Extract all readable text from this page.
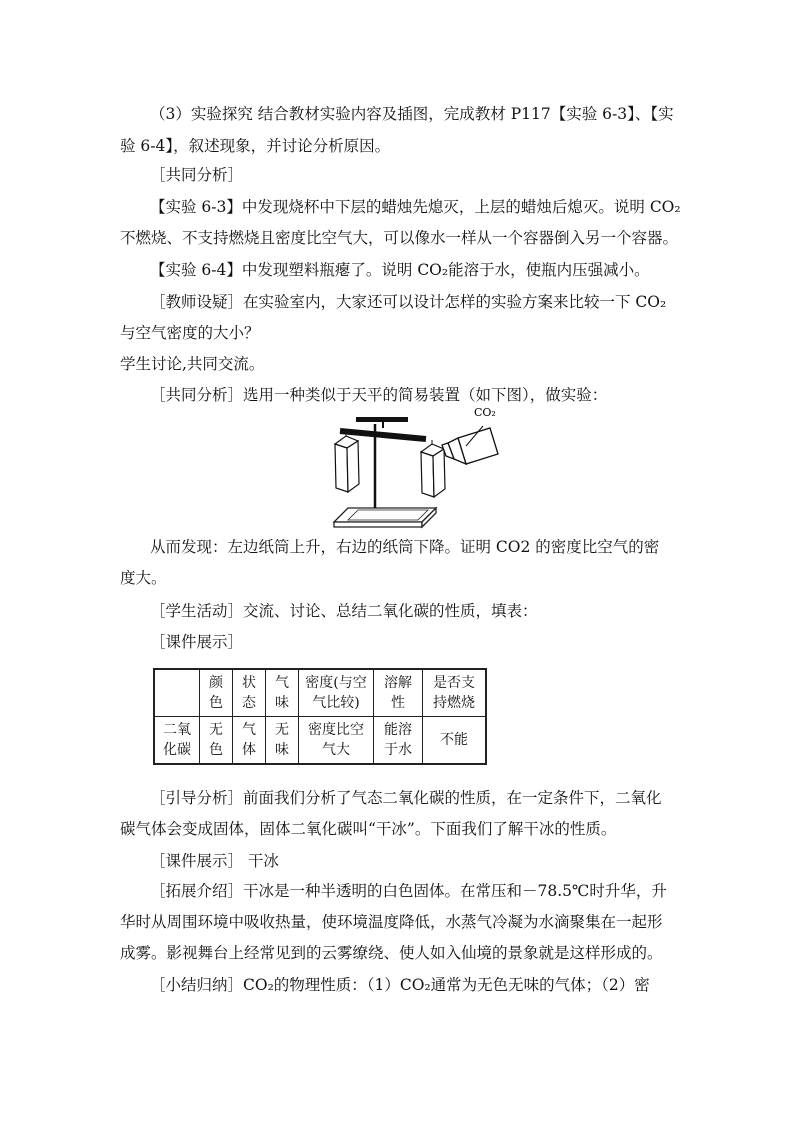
（3）实验探究 结合教材实验内容及插图，完成教材 P117【实验 6-3】、【实
验 6-4】，叙述现象，并讨论分析原因。
［共同分析］
【实验 6-3】中发现烧杯中下层的蜡烛先熄灭，上层的蜡烛后熄灭。说明 CO₂
不燃烧、不支持燃烧且密度比空气大，可以像水一样从一个容器倒入另一个容器。
【实验 6-4】中发现塑料瓶瘪了。说明 CO₂能溶于水，使瓶内压强减小。
［教师设疑］在实验室内，大家还可以设计怎样的实验方案来比较一下 CO₂
与空气密度的大小？
学生讨论,共同交流。
［共同分析］选用一种类似于天平的简易装置（如下图），做实验：
CO₂
从而发现：左边纸筒上升，右边的纸筒下降。证明 CO2 的密度比空气的密
度大。
［学生活动］交流、讨论、总结二氧化碳的性质，填表：
［课件展示］
	颜色	状态	气味	密度(与空气比较)	溶解性	是否支持燃烧
二氧化碳	无色	气体	无味	密度比空气大	能溶于水	不能
［引导分析］前面我们分析了气态二氧化碳的性质，在一定条件下，二氧化
碳气体会变成固体，固体二氧化碳叫“干冰”。下面我们了解干冰的性质。
［课件展示］ 干冰
［拓展介绍］干冰是一种半透明的白色固体。在常压和－78.5℃时升华，升
华时从周围环境中吸收热量，使环境温度降低，水蒸气冷凝为水滴聚集在一起形
成雾。影视舞台上经常见到的云雾缭绕、使人如入仙境的景象就是这样形成的。
［小结归纳］CO₂的物理性质：（1）CO₂通常为无色无味的气体；（2）密
